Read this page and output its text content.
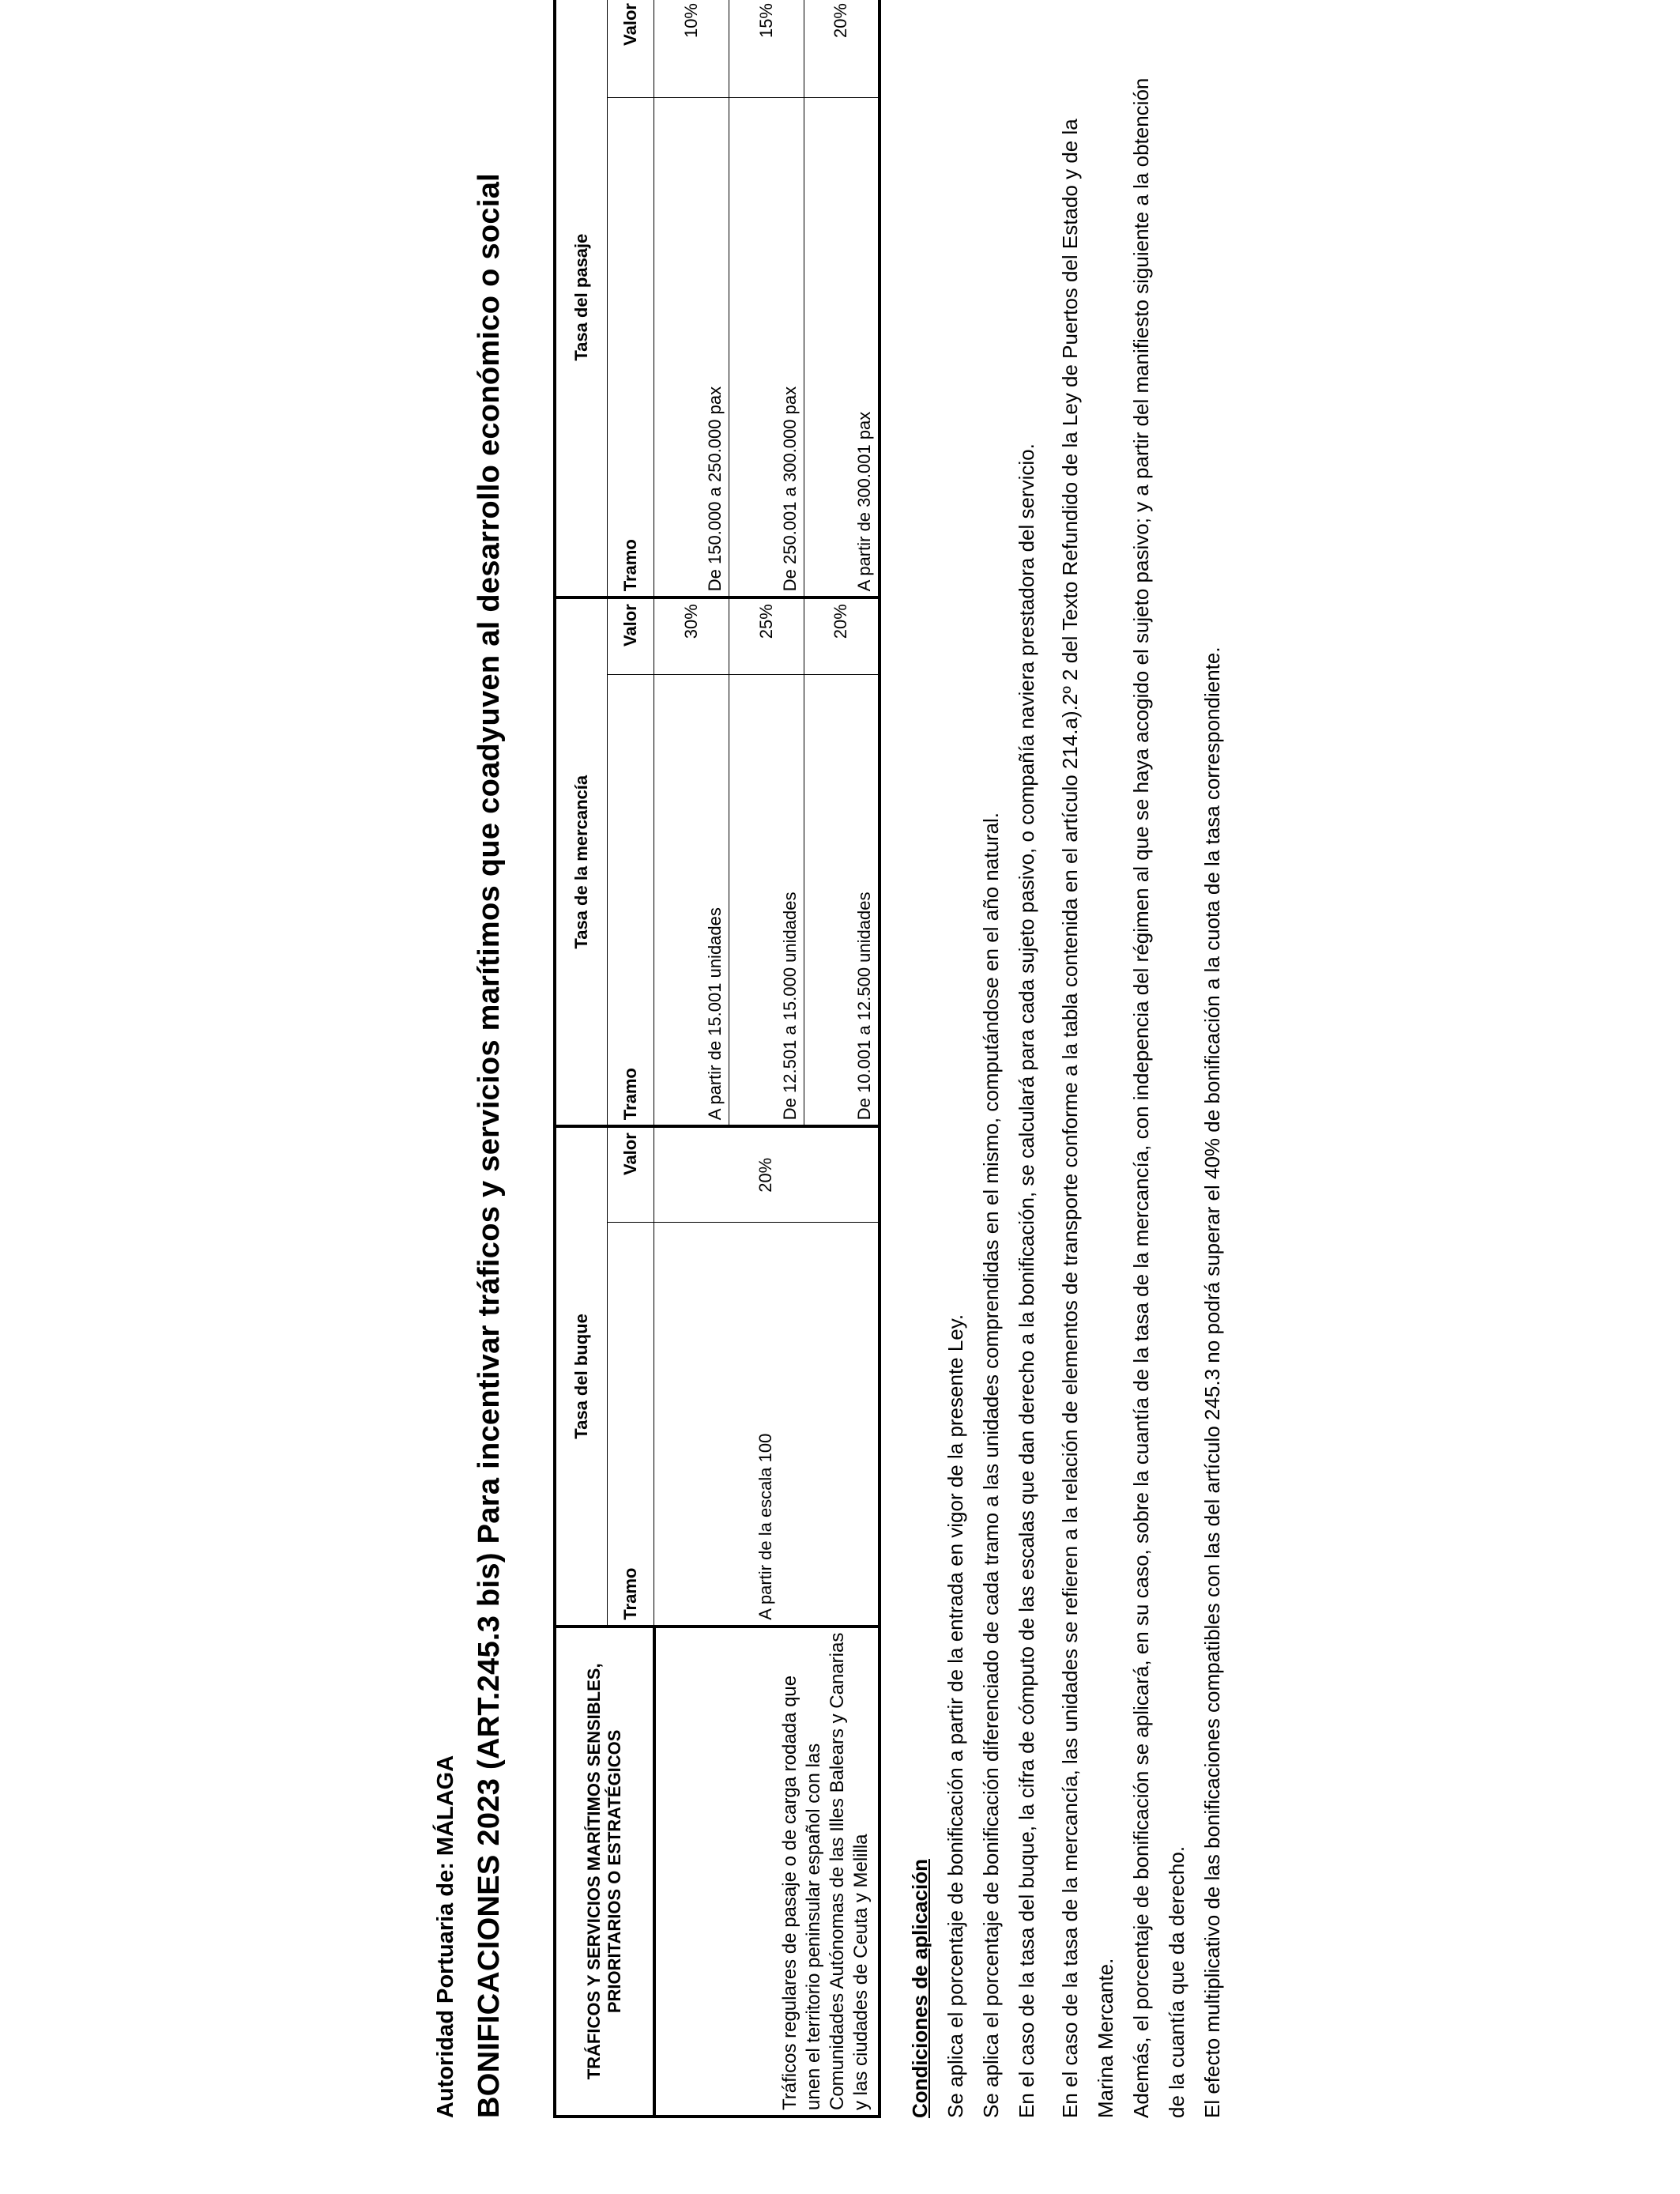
Autoridad Portuaria de: MÁLAGA BONIFICACIONES 2023 (ART.245.3 bis) Para incentivar tráficos y servicios marítimos que coadyuven al desarrollo económico o social	TRÁFICOS Y SERVICIOS MARÍTIMOS SENSIBLES, PRIORITARIOS O ESTRATÉGICOS	Tasa del buque		Tasa de la mercancía		Tasa del pasaje	
	Tramo	Valor	Tramo	Valor	Tramo	Valor
Tráficos regulares de pasaje o de carga rodada que unen el territorio peninsular español con las Comunidades Autónomas de las Illes Balears y Canarias y las ciudades de Ceuta y Melilla	A partir de la escala 100	20%	A partir de 15.001 unidades	30%	De 150.000 a 250.000 pax	10%
			De 12.501 a 15.000 unidades	25%	De 250.001 a 300.000 pax	15%
			De 10.001 a 12.500 unidades	20%	A partir de 300.001 pax	20%

Condiciones de aplicación Se aplica el porcentaje de bonificación a partir de la entrada en vigor de la presente Ley. Se aplica el porcentaje de bonificación diferenciado de cada tramo a las unidades comprendidas en el mismo, computándose en el año natural. En el caso de la tasa del buque, la cifra de cómputo de las escalas que dan derecho a la bonificación, se calculará para cada sujeto pasivo, o compañía naviera prestadora del servicio. En el caso de la tasa de la mercancía, las unidades se refieren a la relación de elementos de transporte conforme a la tabla contenida en el artículo 214.a).2º 2 del Texto Refundido de la Ley de Puertos del Estado y de la Marina Mercante. Además, el porcentaje de bonificación se aplicará, en su caso, sobre la cuantía de la tasa de la mercancía, con indepencia del régimen al que se haya acogido el sujeto pasivo; y a partir del manifiesto siguiente a la obtención de la cuantía que da derecho. El efecto multiplicativo de las bonificaciones compatibles con las del artículo 245.3 no podrá superar el 40% de bonificación a la cuota de la tasa correspondiente.
